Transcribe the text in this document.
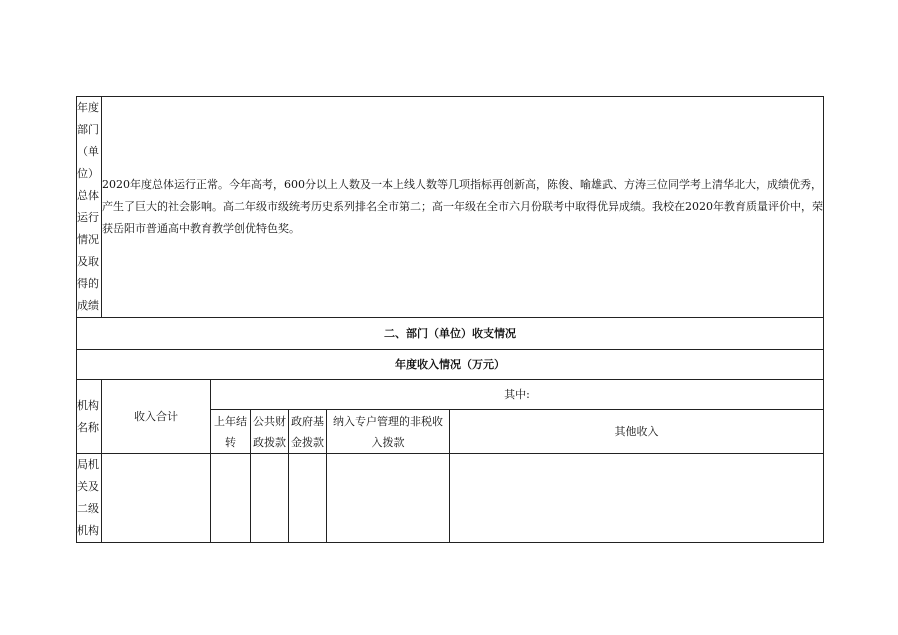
年度部门（单位）总体运行情况及取得的成绩	2020年度总体运行正常。今年高考，600分以上人数及一本上线人数等几项指标再创新高，陈俊、喻雄武、方涛三位同学考上清华北大，成绩优秀，产生了巨大的社会影响。高二年级市级统考历史系列排名全市第二；高一年级在全市六月份联考中取得优异成绩。我校在2020年教育质量评价中，荣获岳阳市普通高中教育教学创优特色奖。					
二、部门（单位）收支情况						
年度收入情况（万元）						
机构名称	收入合计	其中:				
		上年结转	公共财政拨款	政府基金拨款	纳入专户管理的非税收入拨款	其他收入
局机关及二级机构						
